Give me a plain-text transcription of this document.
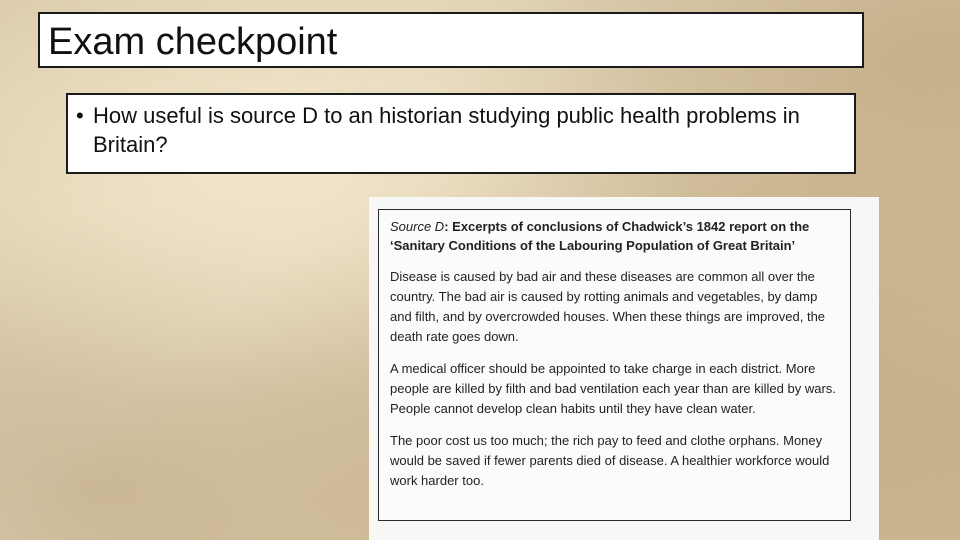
Exam checkpoint
• How useful is source D to an historian studying public health problems in Britain?
Source D: Excerpts of conclusions of Chadwick’s 1842 report on the ‘Sanitary Conditions of the Labouring Population of Great Britain’

Disease is caused by bad air and these diseases are common all over the country. The bad air is caused by rotting animals and vegetables, by damp and filth, and by overcrowded houses. When these things are improved, the death rate goes down.

A medical officer should be appointed to take charge in each district. More people are killed by filth and bad ventilation each year than are killed by wars. People cannot develop clean habits until they have clean water.

The poor cost us too much; the rich pay to feed and clothe orphans. Money would be saved if fewer parents died of disease. A healthier workforce would work harder too.
